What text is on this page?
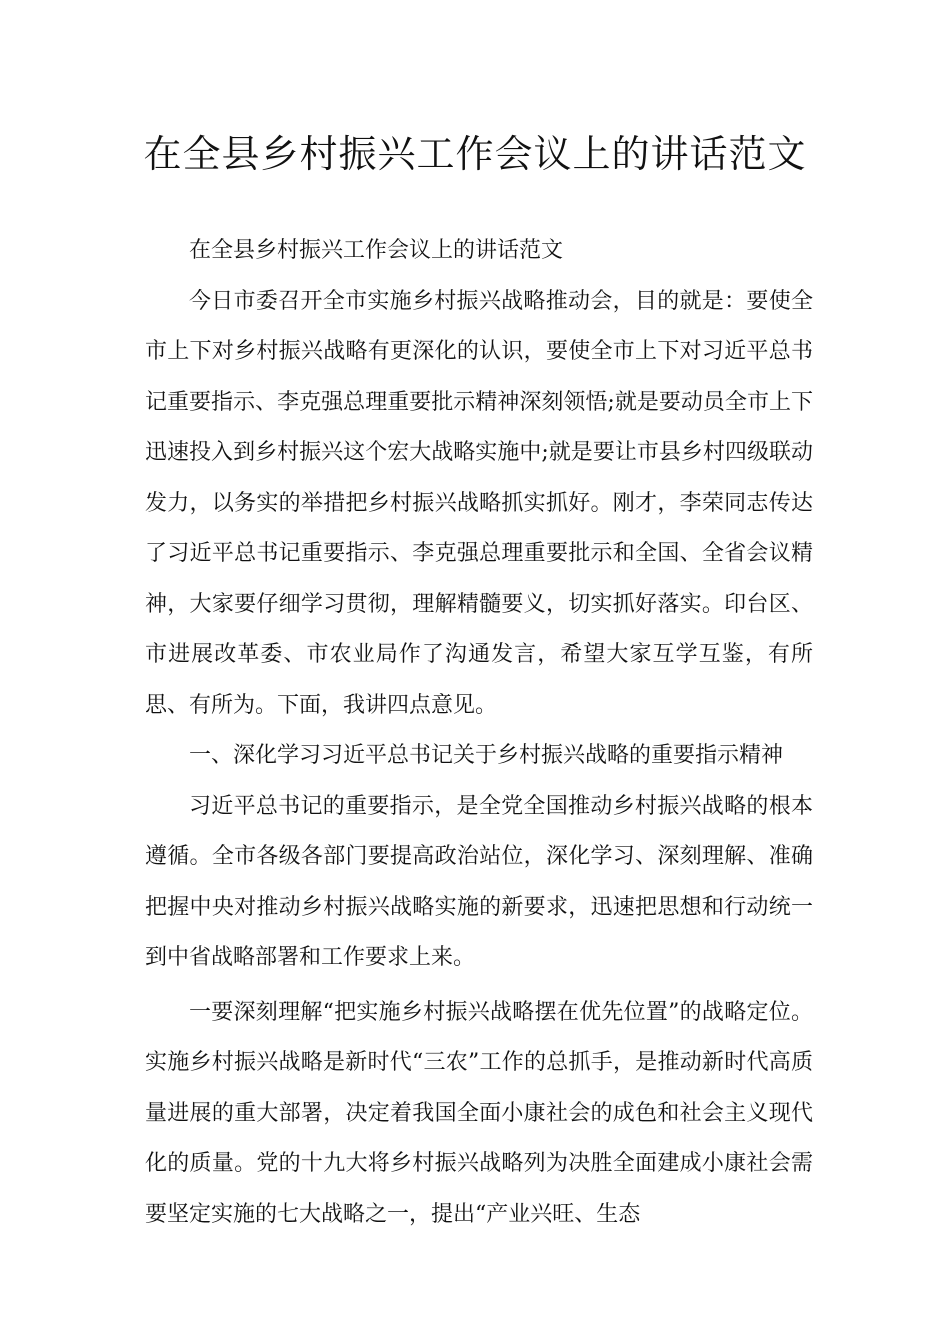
在全县乡村振兴工作会议上的讲话范文

在全县乡村振兴工作会议上的讲话范文

今日市委召开全市实施乡村振兴战略推动会，目的就是：要使全市上下对乡村振兴战略有更深化的认识，要使全市上下对习近平总书记重要指示、李克强总理重要批示精神深刻领悟;就是要动员全市上下迅速投入到乡村振兴这个宏大战略实施中;就是要让市县乡村四级联动发力，以务实的举措把乡村振兴战略抓实抓好。刚才，李荣同志传达了习近平总书记重要指示、李克强总理重要批示和全国、全省会议精神，大家要仔细学习贯彻，理解精髓要义，切实抓好落实。印台区、市进展改革委、市农业局作了沟通发言，希望大家互学互鉴，有所思、有所为。下面，我讲四点意见。

一、深化学习习近平总书记关于乡村振兴战略的重要指示精神

习近平总书记的重要指示，是全党全国推动乡村振兴战略的根本遵循。全市各级各部门要提高政治站位，深化学习、深刻理解、准确把握中央对推动乡村振兴战略实施的新要求，迅速把思想和行动统一到中省战略部署和工作要求上来。

一要深刻理解“把实施乡村振兴战略摆在优先位置”的战略定位。实施乡村振兴战略是新时代“三农”工作的总抓手，是推动新时代高质量进展的重大部署，决定着我国全面小康社会的成色和社会主义现代化的质量。党的十九大将乡村振兴战略列为决胜全面建成小康社会需要坚定实施的七大战略之一，提出“产业兴旺、生态
